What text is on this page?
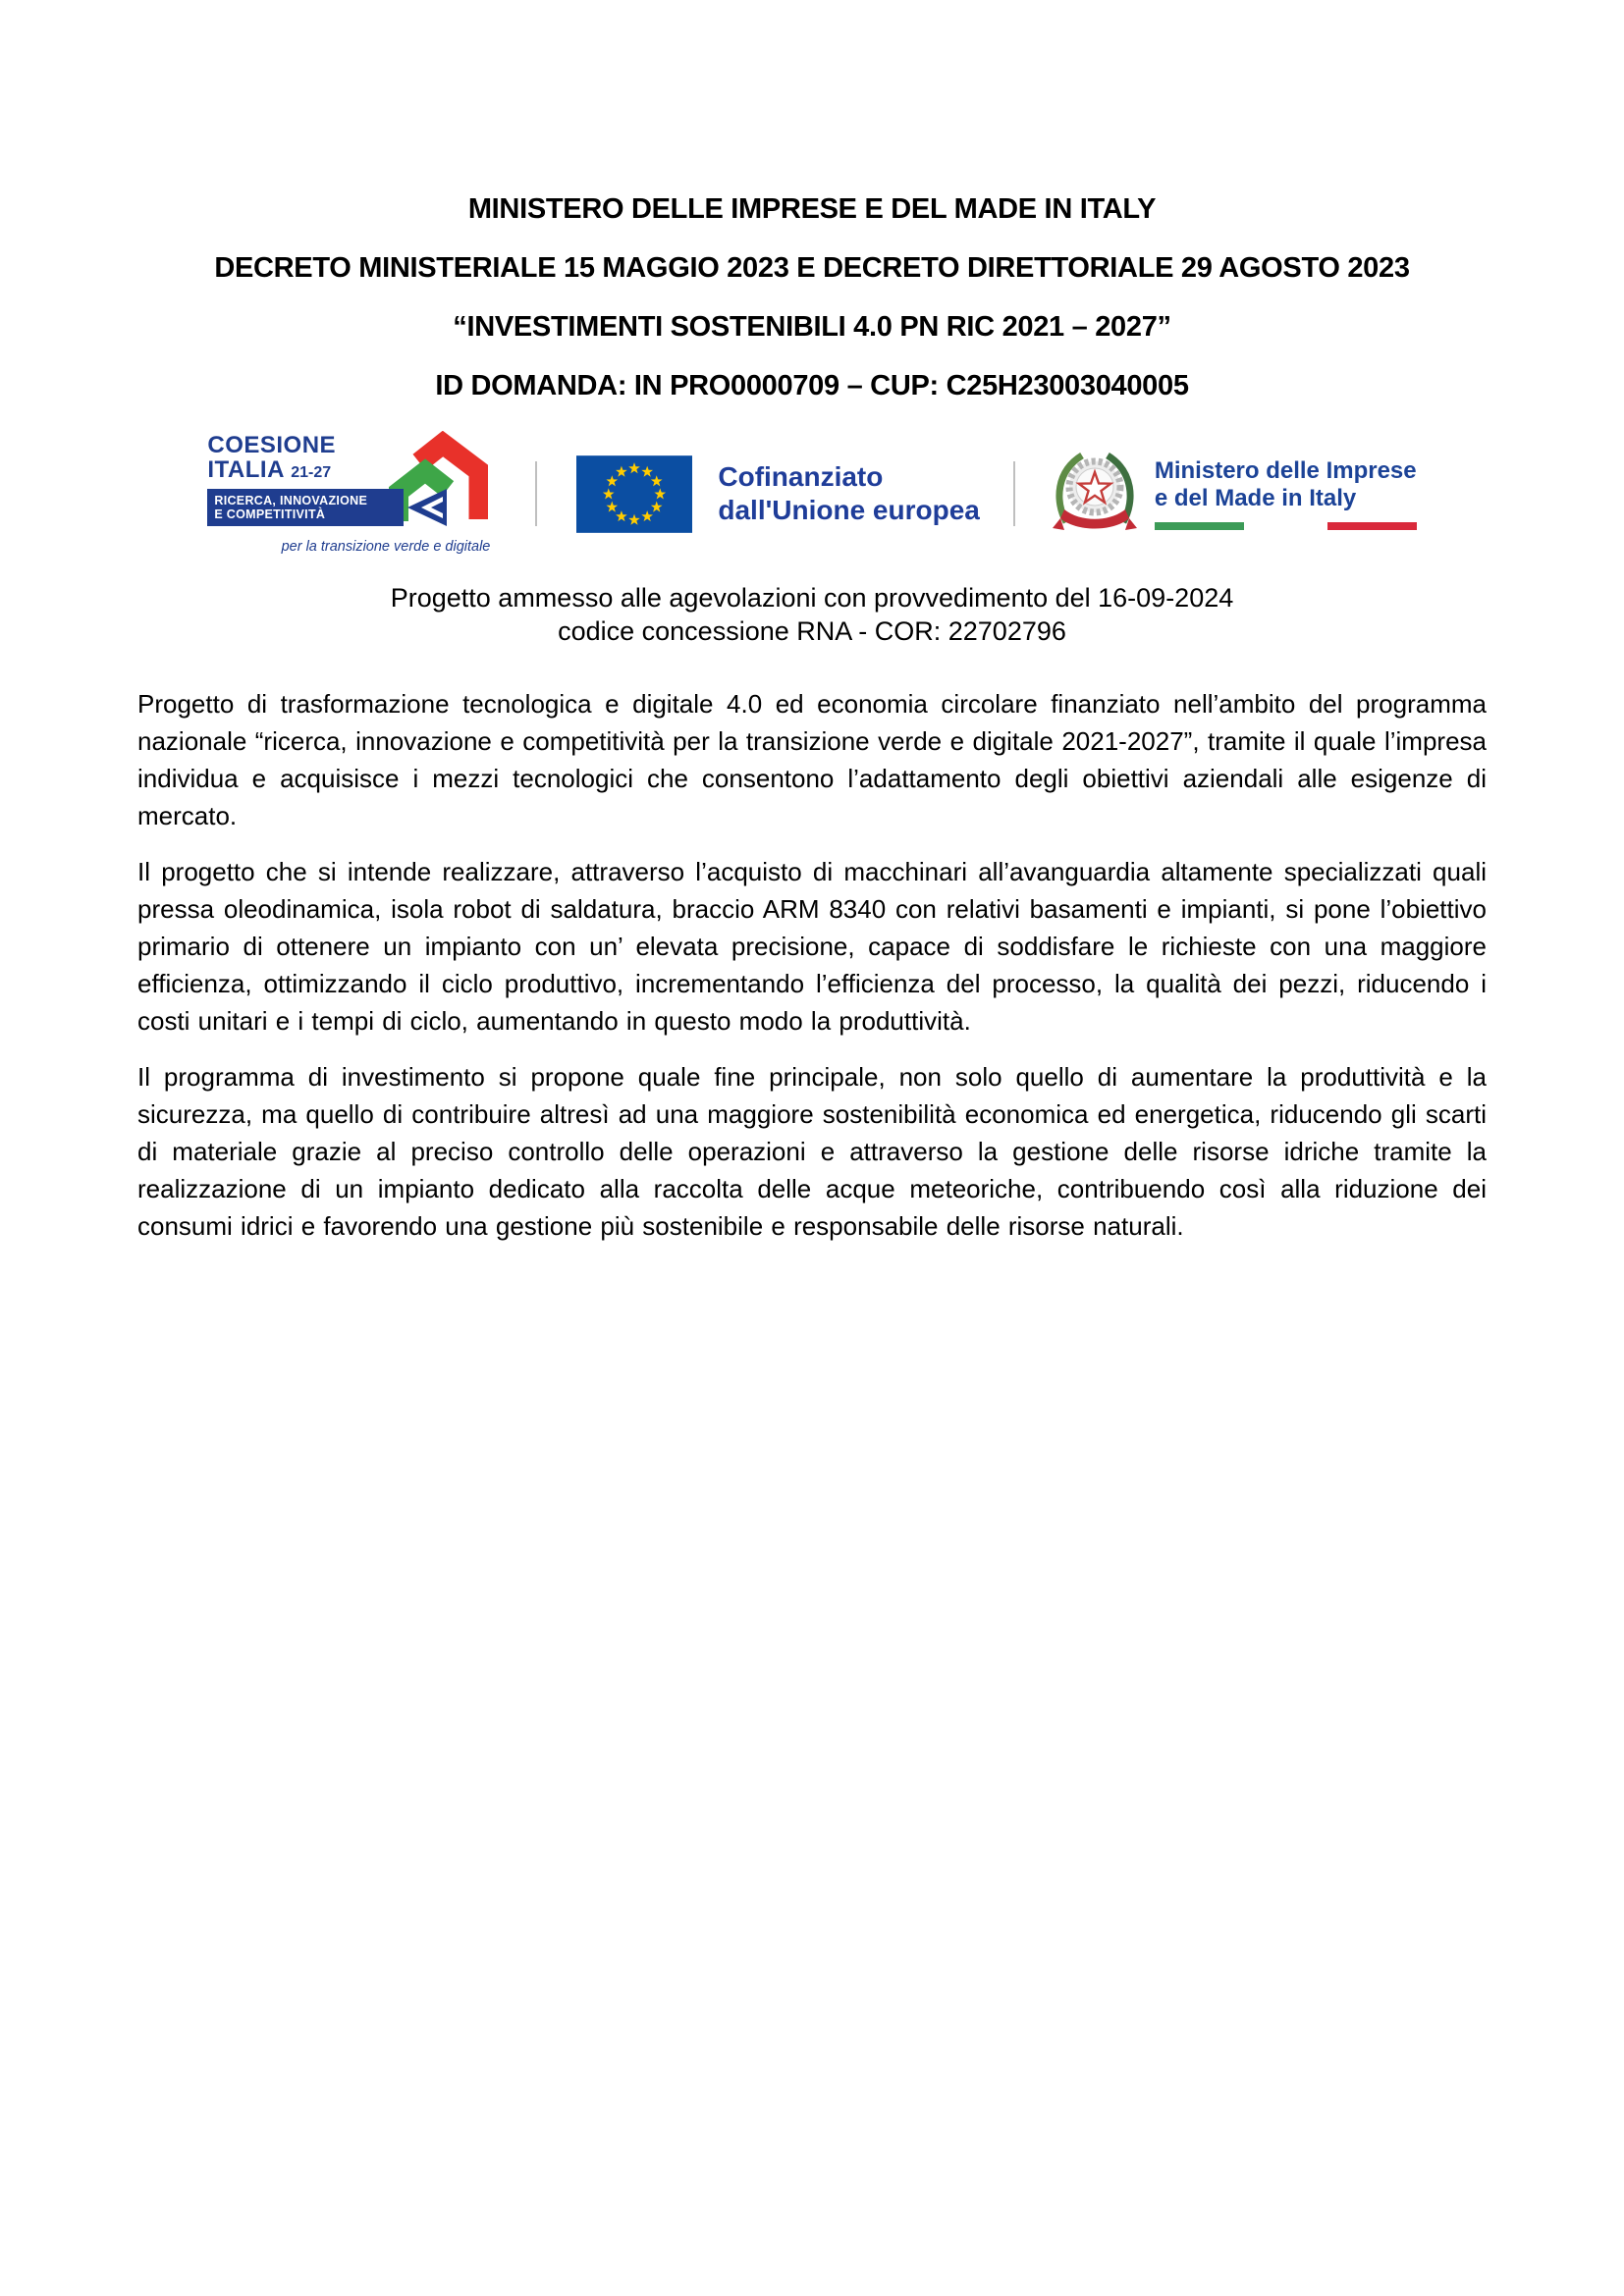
MINISTERO DELLE IMPRESE E DEL MADE IN ITALY
DECRETO MINISTERIALE 15 MAGGIO 2023 E DECRETO DIRETTORIALE 29 AGOSTO 2023
“INVESTIMENTI SOSTENIBILI 4.0 PN RIC 2021 – 2027”
ID DOMANDA: IN PRO0000709 – CUP: C25H23003040005
COESIONE
ITALIA 21-27
RICERCA, INNOVAZIONE
E COMPETITIVITÀ
per la transizione verde e digitale
Cofinanziato
dall'Unione europea
Ministero delle Imprese
e del Made in Italy
Progetto ammesso alle agevolazioni con provvedimento del 16-09-2024
codice concessione RNA - COR: 22702796

Progetto di trasformazione tecnologica e digitale 4.0 ed economia circolare finanziato nell’ambito del programma nazionale “ricerca, innovazione e competitività per la transizione verde e digitale 2021-2027”, tramite il quale l’impresa individua e acquisisce i mezzi tecnologici che consentono l’adattamento degli obiettivi aziendali alle esigenze di mercato.

Il progetto che si intende realizzare, attraverso l’acquisto di macchinari all’avanguardia altamente specializzati quali pressa oleodinamica, isola robot di saldatura, braccio ARM 8340 con relativi basamenti e impianti, si pone l’obiettivo primario di ottenere un impianto con un’ elevata precisione, capace di soddisfare le richieste con una maggiore efficienza, ottimizzando il ciclo produttivo, incrementando l’efficienza del processo, la qualità dei pezzi, riducendo i costi unitari e i tempi di ciclo, aumentando in questo modo la produttività.

Il programma di investimento si propone quale fine principale, non solo quello di aumentare la produttività e la sicurezza, ma quello di contribuire altresì ad una maggiore sostenibilità economica ed energetica, riducendo gli scarti di materiale grazie al preciso controllo delle operazioni e attraverso la gestione delle risorse idriche tramite la realizzazione di un impianto dedicato alla raccolta delle acque meteoriche, contribuendo così alla riduzione dei consumi idrici e favorendo una gestione più sostenibile e responsabile delle risorse naturali.
